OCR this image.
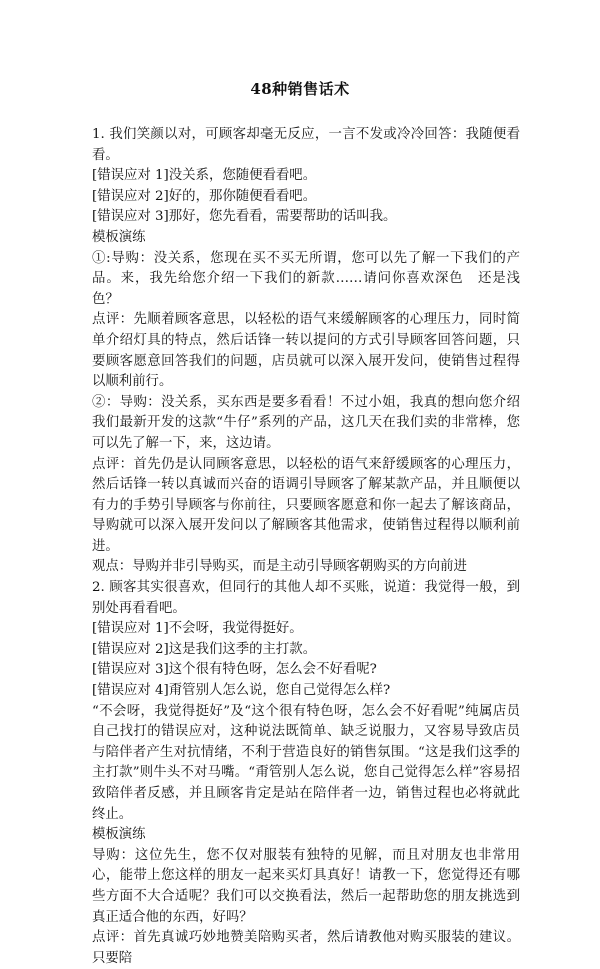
48种销售话术

1. 我们笑颜以对，可顾客却毫无反应，一言不发或冷冷回答：我随便看看。

[错误应对 1]没关系，您随便看看吧。

[错误应对 2]好的，那你随便看看吧。

[错误应对 3]那好，您先看看，需要帮助的话叫我。

模板演练

①:导购：没关系，您现在买不买无所谓，您可以先了解一下我们的产品。来，我先给您介绍一下我们的新款……请问你喜欢深色　还是浅色？

点评：先顺着顾客意思，以轻松的语气来缓解顾客的心理压力，同时简单介绍灯具的特点，然后话锋一转以提问的方式引导顾客回答问题，只要顾客愿意回答我们的问题，店员就可以深入展开发问，使销售过程得以顺利前行。

②：导购：没关系，买东西是要多看看！不过小姐，我真的想向您介绍我们最新开发的这款“牛仔”系列的产品，这几天在我们卖的非常棒，您可以先了解一下，来，这边请。

点评：首先仍是认同顾客意思，以轻松的语气来舒缓顾客的心理压力，然后话锋一转以真诚而兴奋的语调引导顾客了解某款产品，并且顺便以有力的手势引导顾客与你前往，只要顾客愿意和你一起去了解该商品，导购就可以深入展开发问以了解顾客其他需求，使销售过程得以顺利前进。

观点：导购并非引导购买，而是主动引导顾客朝购买的方向前进

2. 顾客其实很喜欢，但同行的其他人却不买账，说道：我觉得一般，到别处再看看吧。

[错误应对 1]不会呀，我觉得挺好。

[错误应对 2]这是我们这季的主打款。

[错误应对 3]这个很有特色呀，怎么会不好看呢?

[错误应对 4]甭管别人怎么说，您自己觉得怎么样?

“不会呀，我觉得挺好”及“这个很有特色呀，怎么会不好看呢”纯属店员自己找打的错误应对，这种说法既简单、缺乏说服力，又容易导致店员与陪伴者产生对抗情绪，不利于营造良好的销售氛围。“这是我们这季的主打款”则牛头不对马嘴。“甭管别人怎么说，您自己觉得怎么样”容易招致陪伴者反感，并且顾客肯定是站在陪伴者一边，销售过程也必将就此终止。

模板演练

导购：这位先生，您不仅对服装有独特的见解，而且对朋友也非常用心，能带上您这样的朋友一起来买灯具真好！请教一下，您觉得还有哪些方面不大合适呢？我们可以交换看法，然后一起帮助您的朋友挑选到真正适合他的东西，好吗？

点评：首先真诚巧妙地赞美陪购买者，然后请教他对购买服装的建议。只要陪
